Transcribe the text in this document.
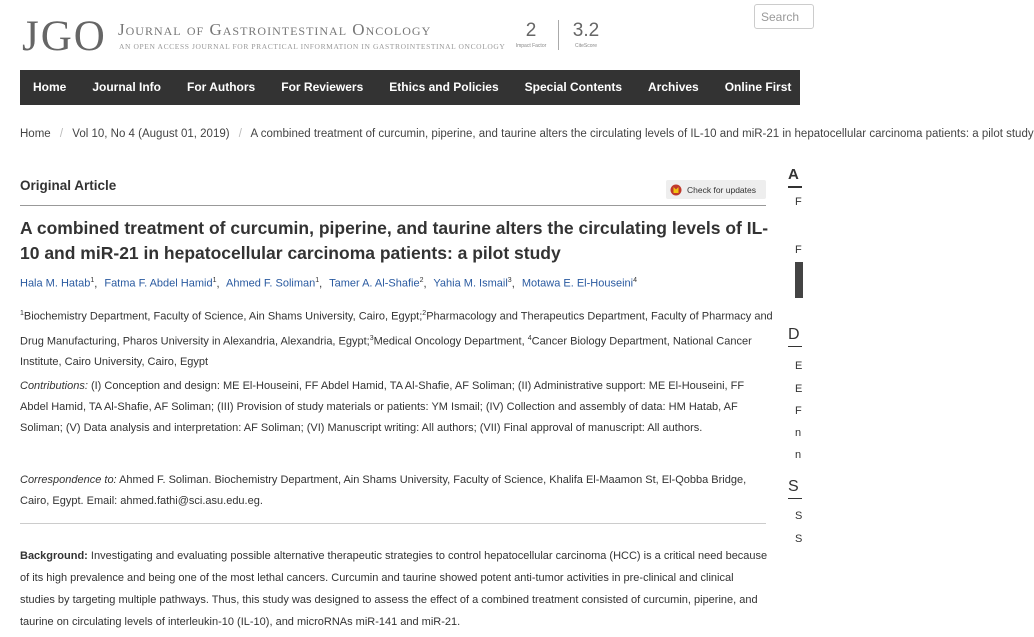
JGO Journal of Gastrointestinal Oncology
AN OPEN ACCESS JOURNAL FOR PRACTICAL INFORMATION IN GASTROINTESTINAL ONCOLOGY
2
Impact Factor
3.2
CiteScore
Search
Home	Journal Info	For Authors	For Reviewers	Ethics and Policies	Special Contents	Archives	Online First	Articles
Home / Vol 10, No 4 (August 01, 2019) / A combined treatment of curcumin, piperine, and taurine alters the circulating levels of IL-10 and miR-21 in hepatocellular carcinoma patients: a pilot study
Original Article	Check for updates
A combined treatment of curcumin, piperine, and taurine alters the circulating levels of IL-10 and miR-21 in hepatocellular carcinoma patients: a pilot study
Hala M. Hatab$^1$, Fatma F. Abdel Hamid$^1$, Ahmed F. Soliman$^1$, Tamer A. Al-Shafie$^2$, Yahia M. Ismail$^3$, Motawa E. El-Houseini$^4$
$^1$Biochemistry Department, Faculty of Science, Ain Shams University, Cairo, Egypt;$^2$Pharmacology and Therapeutics Department, Faculty of Pharmacy and Drug Manufacturing, Pharos University in Alexandria, Alexandria, Egypt;$^3$Medical Oncology Department, $^4$Cancer Biology Department, National Cancer Institute, Cairo University, Cairo, Egypt
Contributions: (I) Conception and design: ME El-Houseini, FF Abdel Hamid, TA Al-Shafie, AF Soliman; (II) Administrative support: ME El-Houseini, FF Abdel Hamid, TA Al-Shafie, AF Soliman; (III) Provision of study materials or patients: YM Ismail; (IV) Collection and assembly of data: HM Hatab, AF Soliman; (V) Data analysis and interpretation: AF Soliman; (VI) Manuscript writing: All authors; (VII) Final approval of manuscript: All authors.
Correspondence to: Ahmed F. Soliman. Biochemistry Department, Ain Shams University, Faculty of Science, Khalifa El-Maamon St, El-Qobba Bridge, Cairo, Egypt. Email: ahmed.fathi@sci.asu.edu.eg.
Background: Investigating and evaluating possible alternative therapeutic strategies to control hepatocellular carcinoma (HCC) is a critical need because of its high prevalence and being one of the most lethal cancers. Curcumin and taurine showed potent anti-tumor activities in pre-clinical and clinical studies by targeting multiple pathways. Thus, this study was designed to assess the effect of a combined treatment consisted of curcumin, piperine, and taurine on circulating levels of interleukin-10 (IL-10), and microRNAs miR-141 and miR-21.
A
F
F
D
E
E
F
n
n
S
S
S
